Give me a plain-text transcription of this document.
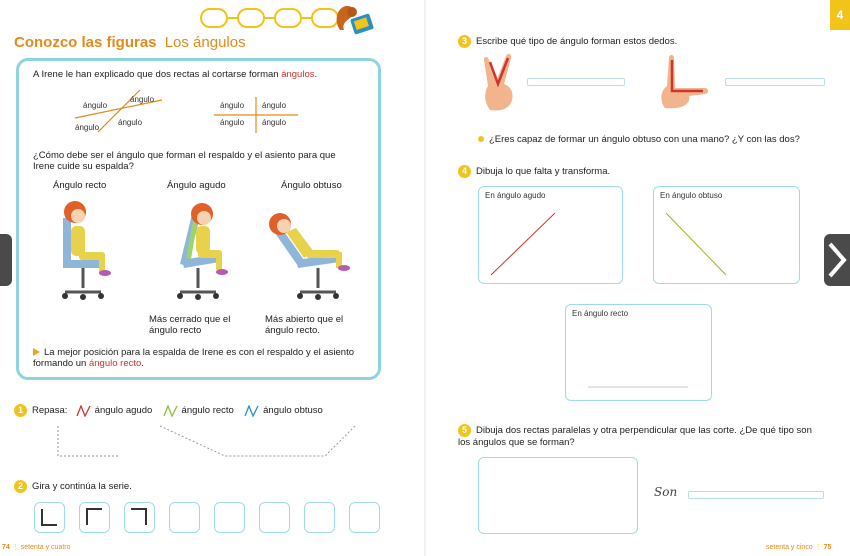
Conozco las figuras Los ángulos
A Irene le han explicado que dos rectas al cortarse forman ángulos.
ángulo
ángulo
ángulo
ángulo
ángulo ángulo
ángulo ángulo
¿Cómo debe ser el ángulo que forman el respaldo y el asiento para que Irene cuide su espalda?
Ángulo recto	Ángulo agudo	Ángulo obtuso
Más cerrado que el ángulo recto
Más abierto que el ángulo recto.
La mejor posición para la espalda de Irene es con el respaldo y el asiento formando un ángulo recto.
1 Repasa:	ángulo agudo	ángulo recto	ángulo obtuso
2 Gira y continúa la serie.
74 ⋮ setenta y cuatro
4
3 Escribe qué tipo de ángulo forman estos dedos.
¿Eres capaz de formar un ángulo obtuso con una mano? ¿Y con las dos?
4 Dibuja lo que falta y transforma.
En ángulo agudo	En ángulo obtuso
En ángulo recto
5 Dibuja dos rectas paralelas y otra perpendicular que las corte. ¿De qué tipo son los ángulos que se forman?
Son
setenta y cinco ⋮ 75
